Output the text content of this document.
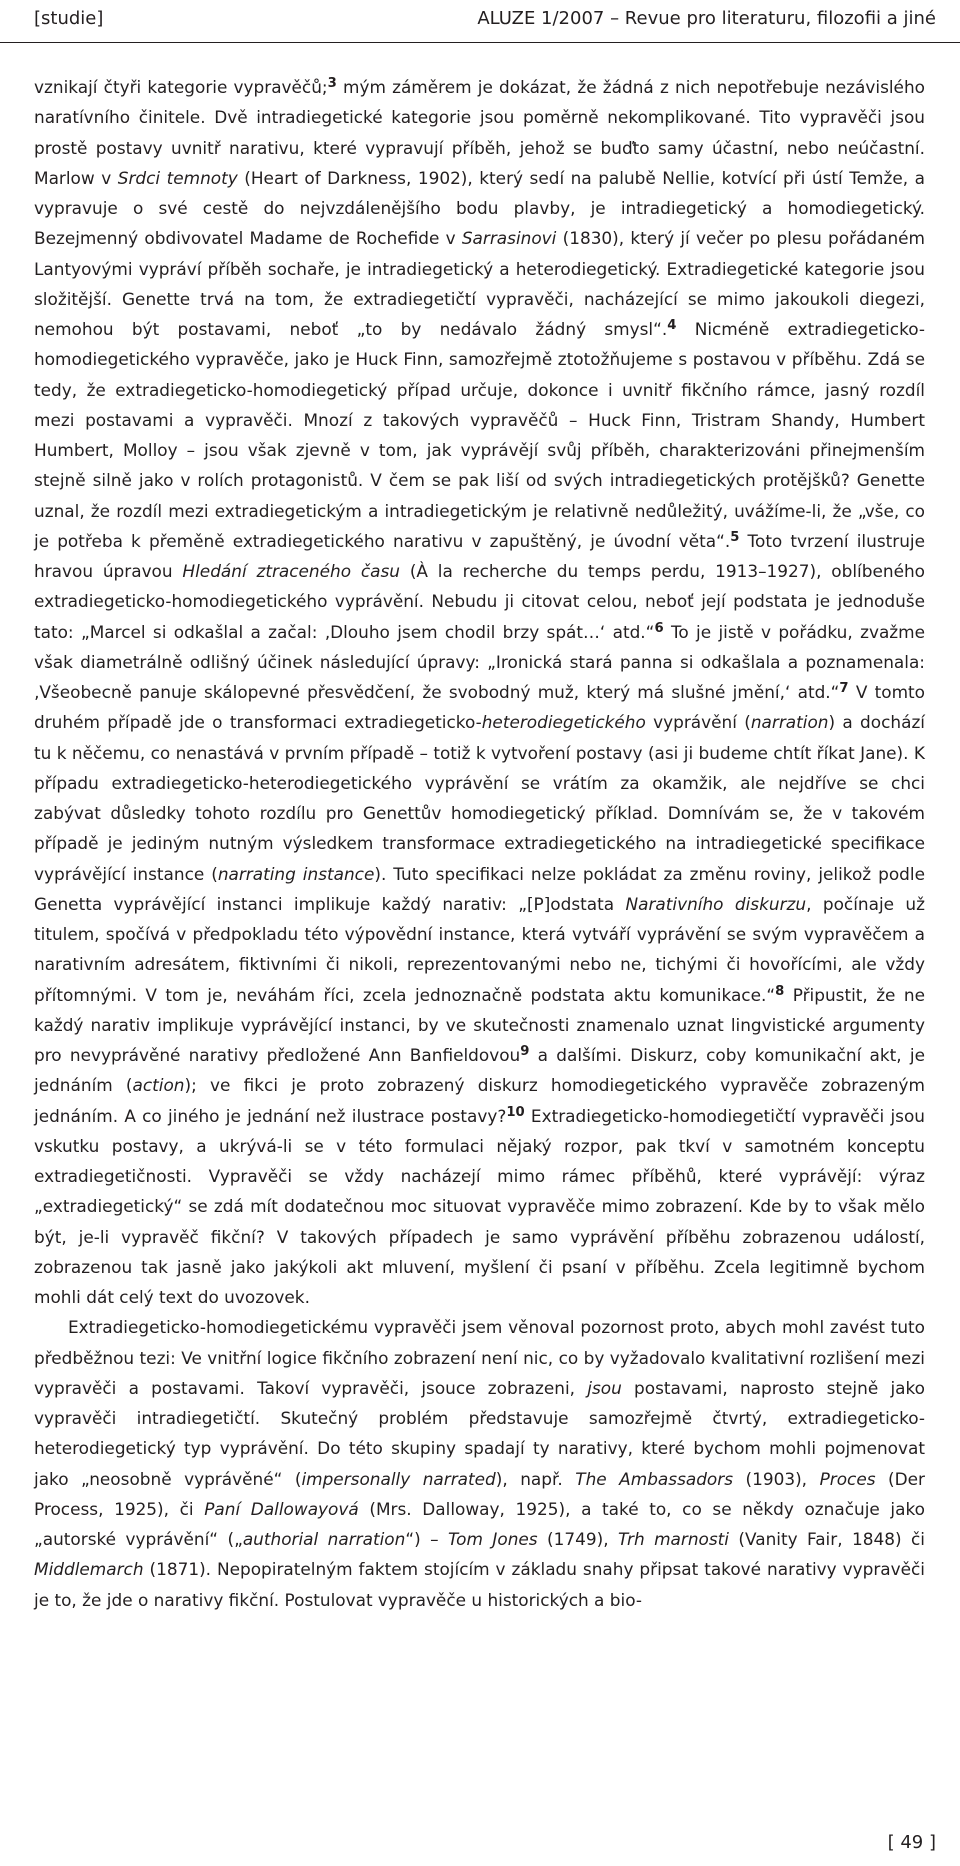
[studie]	ALUZE 1/2007 – Revue pro literaturu, filozofii a jiné

vznikají čtyři kategorie vypravěčů;$^3$ mým záměrem je dokázat, že žádná z nich nepotřebuje nezávislého naratívního činitele. Dvě intradiegetické kategorie jsou poměrně nekomplikované. Tito vypravěči jsou prostě postavy uvnitř narativu, které vypravují příběh, jehož se buďto samy účastní, nebo neúčastní. Marlow v Srdci temnoty (Heart of Darkness, 1902), který sedí na palubě Nellie, kotvící při ústí Temže, a vypravuje o své cestě do nejvzdálenějšího bodu plavby, je intradiegetický a homodiegetický. Bezejmenný obdivovatel Madame de Rochefide v Sarrasinovi (1830), který jí večer po plesu pořádaném Lantyovými vypráví příběh sochaře, je intradiegetický a heterodiegetický. Extradiegetické kategorie jsou složitější. Genette trvá na tom, že extradiegetičtí vypravěči, nacházející se mimo jakoukoli diegezi, nemohou být postavami, neboť „to by nedávalo žádný smysl“.$^4$ Nicméně extradiegeticko-homodiegetického vypravěče, jako je Huck Finn, samozřejmě ztotožňujeme s postavou v příběhu. Zdá se tedy, že extradiegeticko-homodiegetický případ určuje, dokonce i uvnitř fikčního rámce, jasný rozdíl mezi postavami a vypravěči. Mnozí z takových vypravěčů – Huck Finn, Tristram Shandy, Humbert Humbert, Molloy – jsou však zjevně v tom, jak vyprávějí svůj příběh, charakterizováni přinejmenším stejně silně jako v rolích protagonistů. V čem se pak liší od svých intradiegetických protějšků? Genette uznal, že rozdíl mezi extradiegetickým a intradiegetickým je relativně nedůležitý, uvážíme-li, že „vše, co je potřeba k přeměně extradiegetického narativu v zapuštěný, je úvodní věta“.$^5$ Toto tvrzení ilustruje hravou úpravou Hledání ztraceného času (À la recherche du temps perdu, 1913–1927), oblíbeného extradiegeticko-homodiegetického vyprávění. Nebudu ji citovat celou, neboť její podstata je jednoduše tato: „Marcel si odkašlal a začal: ‚Dlouho jsem chodil brzy spát…‘ atd.“$^6$ To je jistě v pořádku, zvažme však diametrálně odlišný účinek následující úpravy: „Ironická stará panna si odkašlala a poznamenala: ‚Všeobecně panuje skálopevné přesvědčení, že svobodný muž, který má slušné jmění,‘ atd.“$^7$ V tomto druhém případě jde o transformaci extradiegeticko-heterodiegetického vyprávění (narration) a dochází tu k něčemu, co nenastává v prvním případě – totiž k vytvoření postavy (asi ji budeme chtít říkat Jane). K případu extradiegeticko-heterodiegetického vyprávění se vrátím za okamžik, ale nejdříve se chci zabývat důsledky tohoto rozdílu pro Genettův homodiegetický příklad. Domnívám se, že v takovém případě je jediným nutným výsledkem transformace extradiegetického na intradiegetické specifikace vyprávějící instance (narrating instance). Tuto specifikaci nelze pokládat za změnu roviny, jelikož podle Genetta vyprávějící instanci implikuje každý narativ: „[P]odstata Narativního diskurzu, počínaje už titulem, spočívá v předpokladu této výpovědní instance, která vytváří vyprávění se svým vypravěčem a narativním adresátem, fiktivními či nikoli, reprezentovanými nebo ne, tichými či hovořícími, ale vždy přítomnými. V tom je, neváhám říci, zcela jednoznačně podstata aktu komunikace.“$^8$ Připustit, že ne každý narativ implikuje vyprávějící instanci, by ve skutečnosti znamenalo uznat lingvistické argumenty pro nevyprávěné narativy předložené Ann Banfieldovou$^9$ a dalšími. Diskurz, coby komunikační akt, je jednáním (action); ve fikci je proto zobrazený diskurz homodiegetického vypravěče zobrazeným jednáním. A co jiného je jednání než ilustrace postavy?$^{10}$ Extradiegeticko-homodiegetičtí vypravěči jsou vskutku postavy, a ukrývá-li se v této formulaci nějaký rozpor, pak tkví v samotném konceptu extradiegetičnosti. Vypravěči se vždy nacházejí mimo rámec příběhů, které vyprávějí: výraz „extradiegetický“ se zdá mít dodatečnou moc situovat vypravěče mimo zobrazení. Kde by to však mělo být, je-li vypravěč fikční? V takových případech je samo vyprávění příběhu zobrazenou událostí, zobrazenou tak jasně jako jakýkoli akt mluvení, myšlení či psaní v příběhu. Zcela legitimně bychom mohli dát celý text do uvozovek.

Extradiegeticko-homodiegetickému vypravěči jsem věnoval pozornost proto, abych mohl zavést tuto předběžnou tezi: Ve vnitřní logice fikčního zobrazení není nic, co by vyžadovalo kvalitativní rozlišení mezi vypravěči a postavami. Takoví vypravěči, jsouce zobrazeni, jsou postavami, naprosto stejně jako vypravěči intradiegetičtí. Skutečný problém představuje samozřejmě čtvrtý, extradiegeticko-heterodiegetický typ vyprávění. Do této skupiny spadají ty narativy, které bychom mohli pojmenovat jako „neosobně vyprávěné“ (impersonally narrated), např. The Ambassadors (1903), Proces (Der Process, 1925), či Paní Dallowayová (Mrs. Dalloway, 1925), a také to, co se někdy označuje jako „autorské vyprávění“ („authorial narration“) – Tom Jones (1749), Trh marnosti (Vanity Fair, 1848) či Middlemarch (1871). Nepopiratelným faktem stojícím v základu snahy připsat takové narativy vypravěči je to, že jde o narativy fikční. Postulovat vypravěče u historických a bio-

[ 49 ]
